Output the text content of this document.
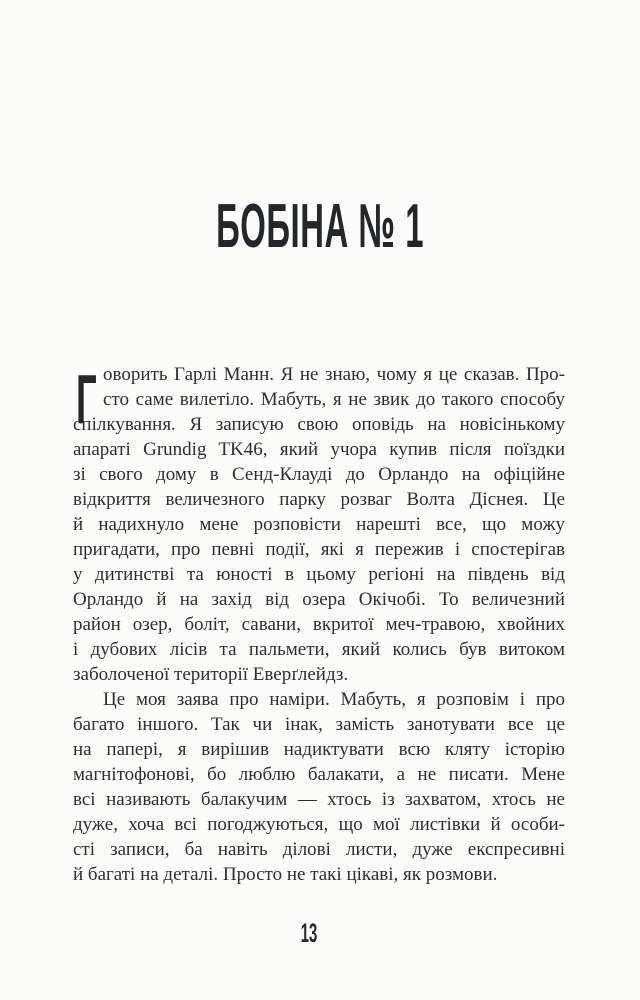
БОБІНА № 1
Г оворить Гарлі Манн. Я не знаю, чому я це сказав. Про-
сто саме вилетіло. Мабуть, я не звик до такого способу
спілкування. Я записую свою оповідь на новісінькому
апараті Grundig TK46, який учора купив після поїздки
зі свого дому в Сенд-Клауді до Орландо на офіційне
відкриття величезного парку розваг Волта Діснея. Це
й надихнуло мене розповісти нарешті все, що можу
пригадати, про певні події, які я пережив і спостерігав
у дитинстві та юності в цьому регіоні на південь від
Орландо й на захід від озера Окічобі. То величезний
район озер, боліт, савани, вкритої меч-травою, хвойних
і дубових лісів та пальмети, який колись був витоком
заболоченої території Еверґлейдз.
Це моя заява про наміри. Мабуть, я розповім і про
багато іншого. Так чи інак, замість занотувати все це
на папері, я вирішив надиктувати всю кляту історію
магнітофонові, бо люблю балакати, а не писати. Мене
всі називають балакучим — хтось із захватом, хтось не
дуже, хоча всі погоджуються, що мої листівки й особи-
сті записи, ба навіть ділові листи, дуже експресивні
й багаті на деталі. Просто не такі цікаві, як розмови.
13
